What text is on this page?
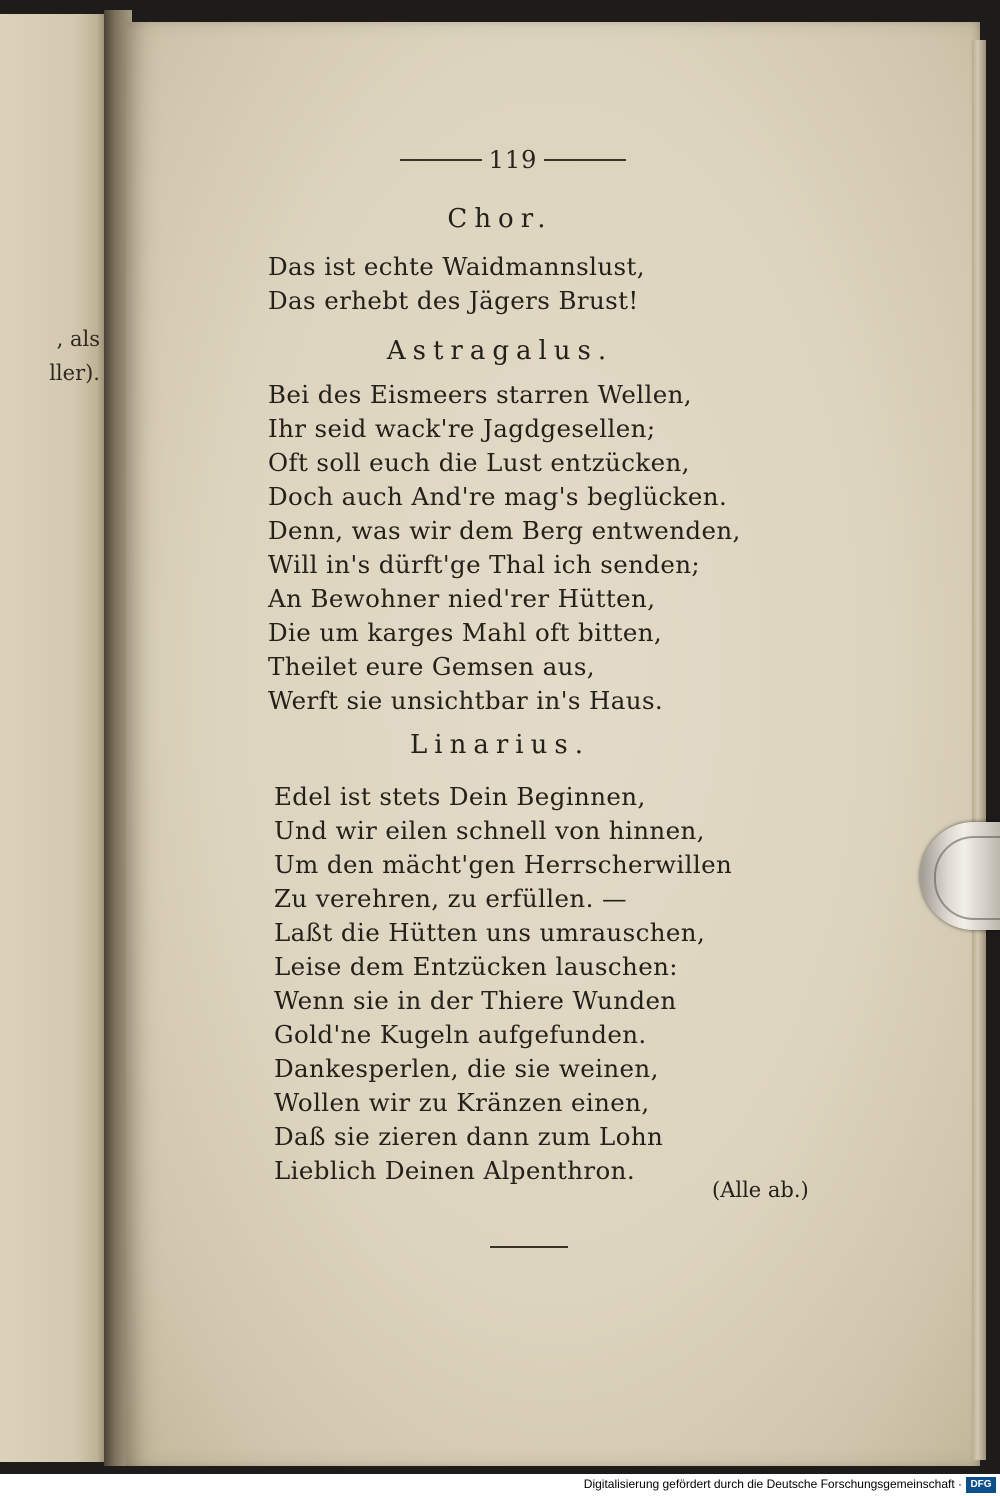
, als
ller).
119
Chor.
Das ist echte Waidmannslust,
Das erhebt des Jägers Brust!
Astragalus.
Bei des Eismeers starren Wellen,
Ihr seid wack're Jagdgesellen;
Oft soll euch die Lust entzücken,
Doch auch And're mag's beglücken.
Denn, was wir dem Berg entwenden,
Will in's dürft'ge Thal ich senden;
An Bewohner nied'rer Hütten,
Die um karges Mahl oft bitten,
Theilet eure Gemsen aus,
Werft sie unsichtbar in's Haus.
Linarius.
Edel ist stets Dein Beginnen,
Und wir eilen schnell von hinnen,
Um den mächt'gen Herrscherwillen
Zu verehren, zu erfüllen. —
Laßt die Hütten uns umrauschen,
Leise dem Entzücken lauschen:
Wenn sie in der Thiere Wunden
Gold'ne Kugeln aufgefunden.
Dankesperlen, die sie weinen,
Wollen wir zu Kränzen einen,
Daß sie zieren dann zum Lohn
Lieblich Deinen Alpenthron.
(Alle ab.)
Digitalisierung gefördert durch die Deutsche Forschungsgemeinschaft · DFG
